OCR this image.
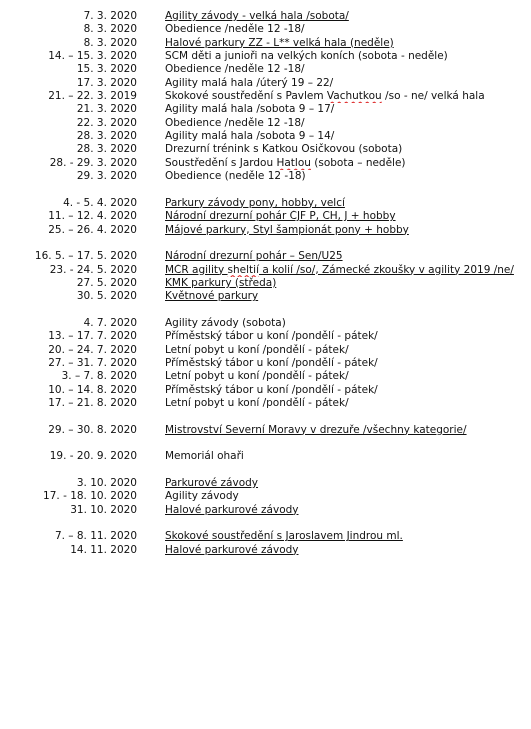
7. 3. 2020	Agility závody - velká hala /sobota/
8. 3. 2020	Obedience /neděle 12 -18/
8. 3. 2020	Halové parkury ZZ - L** velká hala (neděle)
14. – 15. 3. 2020	SCM děti a junioři na velkých koních (sobota - neděle)
15. 3. 2020	Obedience /neděle 12 -18/
17. 3. 2020	Agility malá hala /úterý 19 – 22/
21. – 22. 3. 2019	Skokové soustředění s Pavlem Vachutkou /so - ne/ velká hala
21. 3. 2020	Agility malá hala /sobota 9 – 17/
22. 3. 2020	Obedience /neděle 12 -18/
28. 3. 2020	Agility malá hala /sobota 9 – 14/
28. 3. 2020	Drezurní trénink s Katkou Osičkovou (sobota)
28. - 29. 3. 2020	Soustředění s Jardou Hatlou (sobota – neděle)
29. 3. 2020	Obedience (neděle 12 -18)
4. - 5. 4. 2020	Parkury závody pony, hobby, velcí
11. – 12. 4. 2020	Národní drezurní pohár ČJF P, CH, J + hobby
25. – 26. 4. 2020	Májové parkury, Styl šampionát pony + hobby
16. 5. – 17. 5. 2020	Národní drezurní pohár – Sen/U25
23. - 24. 5. 2020	MČR agility sheltií a kolií /so/, Zámecké zkoušky v agility 2019 /ne/
27. 5. 2020	KMK parkury (středa)
30. 5. 2020	Květnové parkury
4. 7. 2020	Agility závody (sobota)
13. – 17. 7. 2020	Příměstský tábor u koní /pondělí - pátek/
20. – 24. 7. 2020	Letní pobyt u koní /pondělí - pátek/
27. – 31. 7. 2020	Příměstský tábor u koní /pondělí - pátek/
3. – 7. 8. 2020	Letní pobyt u koní /pondělí - pátek/
10. – 14. 8. 2020	Příměstský tábor u koní /pondělí - pátek/
17. – 21. 8. 2020	Letní pobyt u koní /pondělí - pátek/
29. – 30. 8. 2020	Mistrovství Severní Moravy v drezuře /všechny kategorie/
19. - 20. 9. 2020	Memoriál ohaři
3. 10. 2020	Parkurové závody
17. - 18. 10. 2020	Agility závody
31. 10. 2020	Halové parkurové závody
7. – 8. 11. 2020	Skokové soustředění s Jaroslavem Jindrou ml.
14. 11. 2020	Halové parkurové závody
